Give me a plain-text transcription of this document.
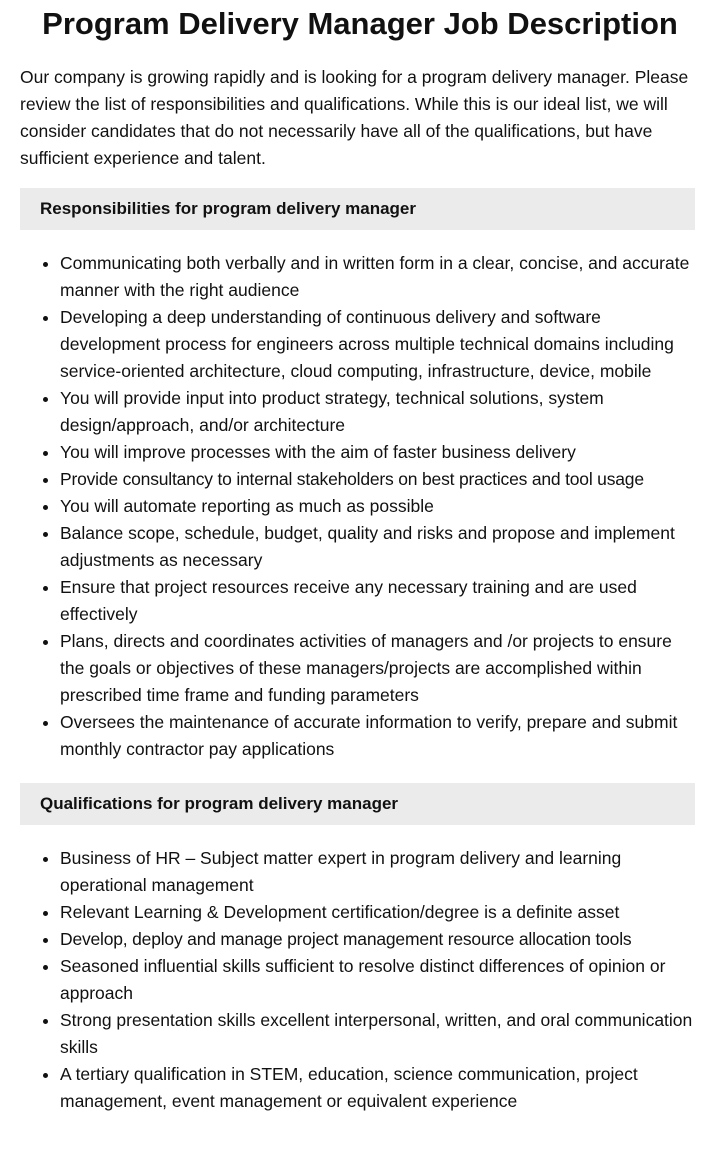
Program Delivery Manager Job Description

Our company is growing rapidly and is looking for a program delivery manager. Please review the list of responsibilities and qualifications. While this is our ideal list, we will consider candidates that do not necessarily have all of the qualifications, but have sufficient experience and talent.

Responsibilities for program delivery manager
• Communicating both verbally and in written form in a clear, concise, and accurate manner with the right audience
• Developing a deep understanding of continuous delivery and software development process for engineers across multiple technical domains including service-oriented architecture, cloud computing, infrastructure, device, mobile
• You will provide input into product strategy, technical solutions, system design/approach, and/or architecture
• You will improve processes with the aim of faster business delivery
• Provide consultancy to internal stakeholders on best practices and tool usage
• You will automate reporting as much as possible
• Balance scope, schedule, budget, quality and risks and propose and implement adjustments as necessary
• Ensure that project resources receive any necessary training and are used effectively
• Plans, directs and coordinates activities of managers and /or projects to ensure the goals or objectives of these managers/projects are accomplished within prescribed time frame and funding parameters
• Oversees the maintenance of accurate information to verify, prepare and submit monthly contractor pay applications
Qualifications for program delivery manager
• Business of HR – Subject matter expert in program delivery and learning operational management
• Relevant Learning & Development certification/degree is a definite asset
• Develop, deploy and manage project management resource allocation tools
• Seasoned influential skills sufficient to resolve distinct differences of opinion or approach
• Strong presentation skills excellent interpersonal, written, and oral communication skills
• A tertiary qualification in STEM, education, science communication, project management, event management or equivalent experience
